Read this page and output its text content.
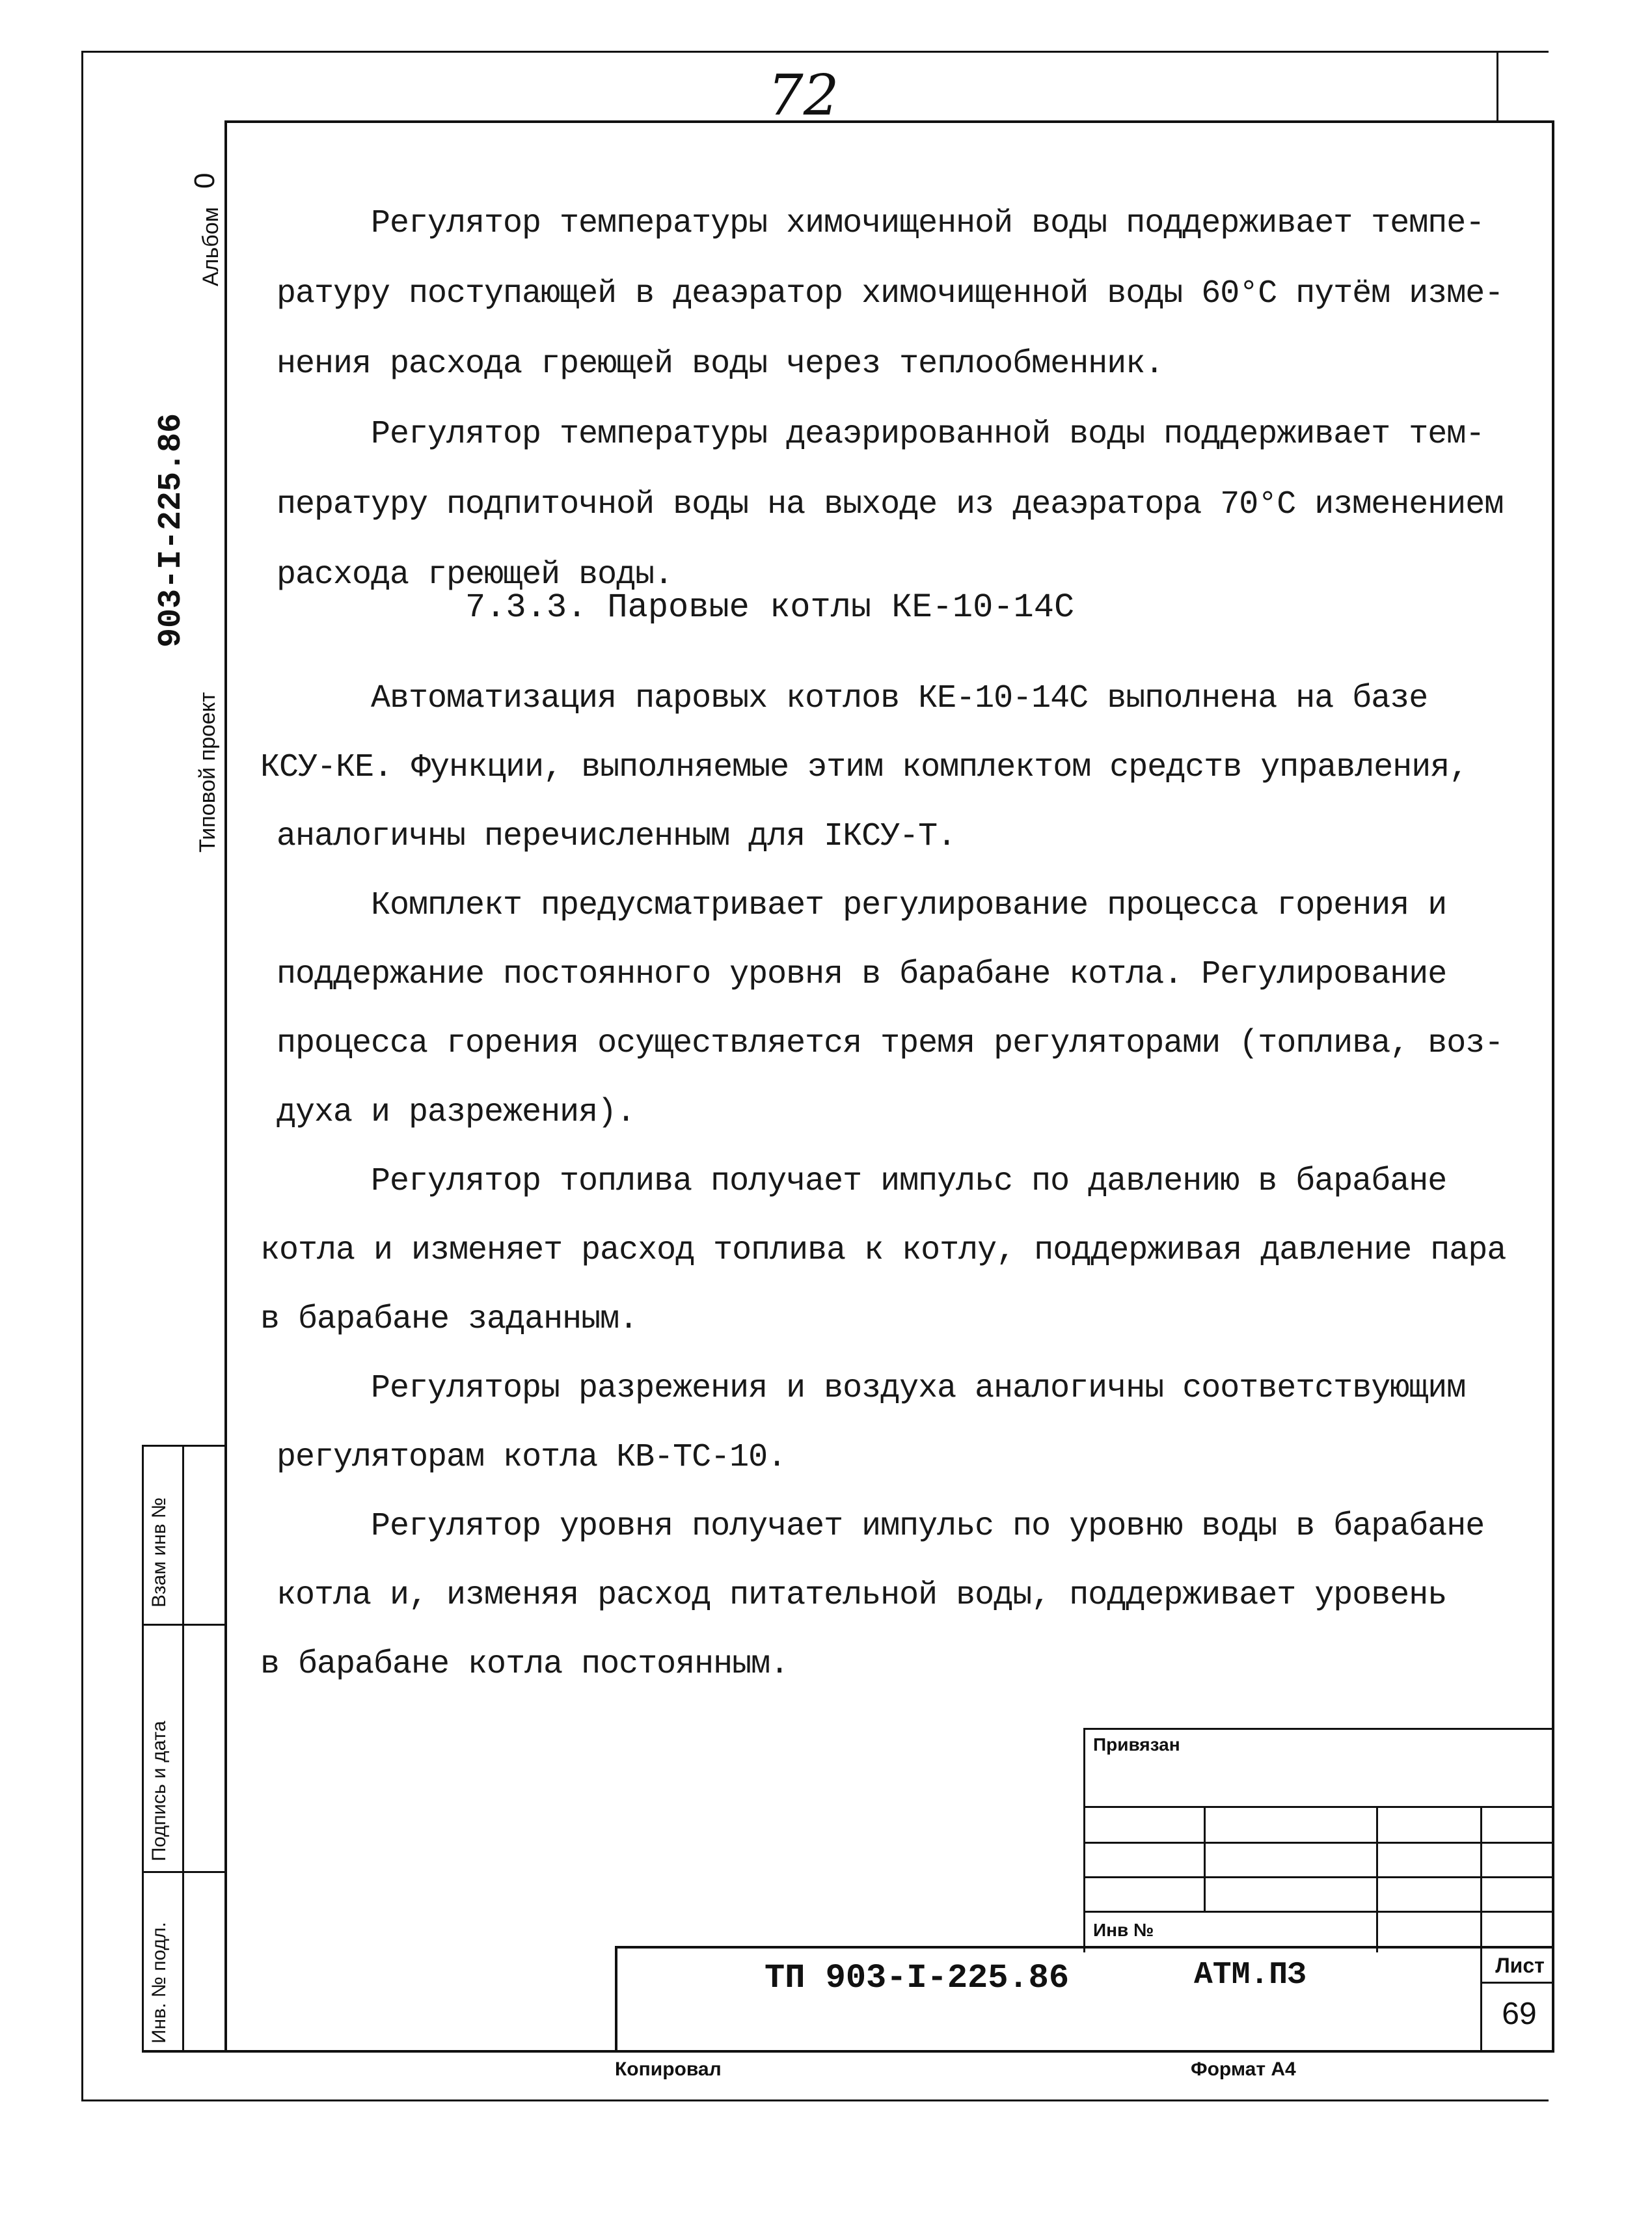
72
Альбом
0
903-I-225.86
Типовой проект
Взам инв №
Подпись и дата
Инв. № подл.

Регулятор температуры химочищенной воды поддерживает темпе-

ратуру поступающей в деаэратор химочищенной воды 60°С путём изме-

нения расхода греющей воды через теплообменник.

Регулятор температуры деаэрированной воды поддерживает тем-

пературу подпиточной воды на выходе из деаэратора 70°С изменением

расхода греющей воды.

7.3.3. Паровые котлы КЕ-10-14С

Автоматизация паровых котлов КЕ-10-14С выполнена на базе

КСУ-КЕ. Функции, выполняемые этим комплектом средств управления,

аналогичны перечисленным для IКСУ-Т.

Комплект предусматривает регулирование процесса горения и

поддержание постоянного уровня в барабане котла. Регулирование

процесса горения осуществляется тремя регуляторами (топлива, воз-

духа и разрежения).

Регулятор топлива получает импульс по давлению в барабане

котла и изменяет расход топлива к котлу, поддерживая давление пара

в барабане заданным.

Регуляторы разрежения и воздуха аналогичны соответствующим

регуляторам котла КВ-ТС-10.

Регулятор уровня получает импульс по уровню воды в барабане

котла и, изменяя расход питательной воды, поддерживает уровень

в барабане котла постоянным.

Привязан
Инв №
ТП 903-I-225.86	АТМ.ПЗ	Лист
69
Копировал	Формат А4
